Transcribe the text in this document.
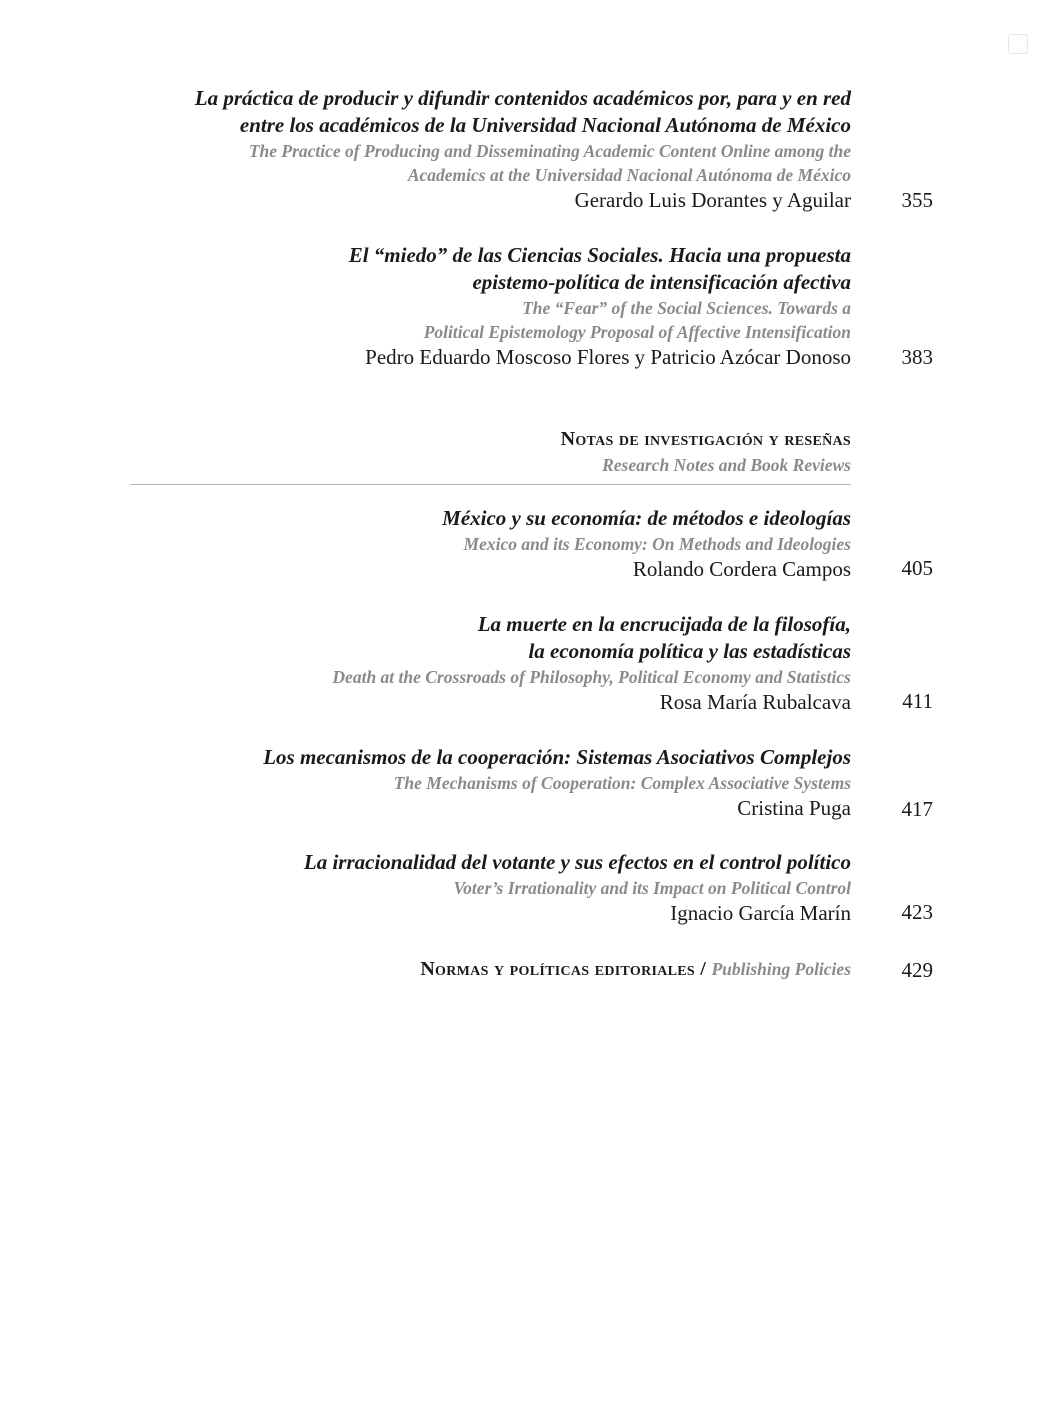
La práctica de producir y difundir contenidos académicos por, para y en red
entre los académicos de la Universidad Nacional Autónoma de México
The Practice of Producing and Disseminating Academic Content Online among the
Academics at the Universidad Nacional Autónoma de México
Gerardo Luis Dorantes y Aguilar	355
El “miedo” de las Ciencias Sociales. Hacia una propuesta
epistemo-política de intensificación afectiva
The “Fear” of the Social Sciences. Towards a
Political Epistemology Proposal of Affective Intensification
Pedro Eduardo Moscoso Flores y Patricio Azócar Donoso	383
Notas de investigación y reseñas
Research Notes and Book Reviews
México y su economía: de métodos e ideologías
Mexico and its Economy: On Methods and Ideologies
Rolando Cordera Campos	405
La muerte en la encrucijada de la filosofía,
la economía política y las estadísticas
Death at the Crossroads of Philosophy, Political Economy and Statistics
Rosa María Rubalcava	411
Los mecanismos de la cooperación: Sistemas Asociativos Complejos
The Mechanisms of Cooperation: Complex Associative Systems
Cristina Puga	417
La irracionalidad del votante y sus efectos en el control político
Voter’s Irrationality and its Impact on Political Control
Ignacio García Marín	423
Normas y políticas editoriales / Publishing Policies	429
